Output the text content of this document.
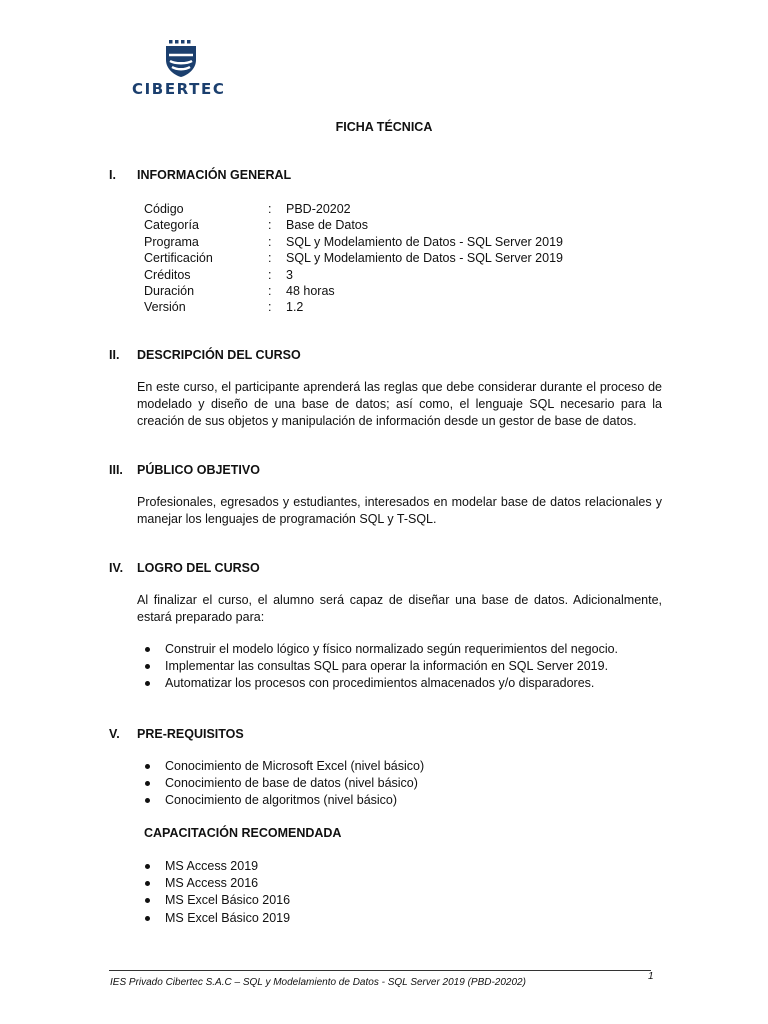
CIBERTEC
FICHA TÉCNICA
I. INFORMACIÓN GENERAL
Código	: PBD-20202
Categoría	: Base de Datos
Programa	: SQL y Modelamiento de Datos - SQL Server 2019
Certificación	: SQL y Modelamiento de Datos - SQL Server 2019
Créditos	: 3
Duración	: 48 horas
Versión	: 1.2
II. DESCRIPCIÓN DEL CURSO
En este curso, el participante aprenderá las reglas que debe considerar durante el proceso de modelado y diseño de una base de datos; así como, el lenguaje SQL necesario para la creación de sus objetos y manipulación de información desde un gestor de base de datos.
III. PÚBLICO OBJETIVO
Profesionales, egresados y estudiantes, interesados en modelar base de datos relacionales y manejar los lenguajes de programación SQL y T-SQL.
IV. LOGRO DEL CURSO
Al finalizar el curso, el alumno será capaz de diseñar una base de datos. Adicionalmente, estará preparado para:
Construir el modelo lógico y físico normalizado según requerimientos del negocio.
Implementar las consultas SQL para operar la información en SQL Server 2019.
Automatizar los procesos con procedimientos almacenados y/o disparadores.
V. PRE-REQUISITOS
Conocimiento de Microsoft Excel (nivel básico)
Conocimiento de base de datos (nivel básico)
Conocimiento de algoritmos (nivel básico)
CAPACITACIÓN RECOMENDADA
MS Access 2019
MS Access 2016
MS Excel Básico 2016
MS Excel Básico 2019
IES Privado Cibertec S.A.C – SQL y Modelamiento de Datos - SQL Server 2019 (PBD-20202)
1
